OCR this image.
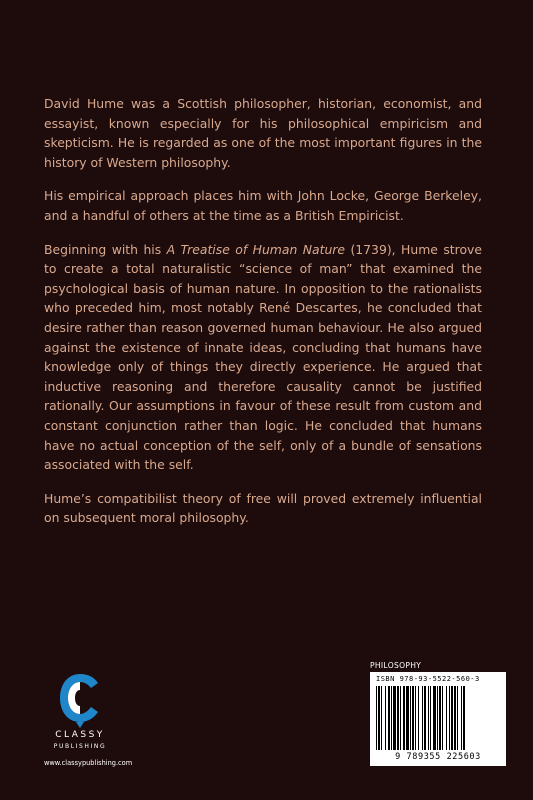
David Hume was a Scottish philosopher, historian, economist, and essayist, known especially for his philosophical empiricism and skepticism. He is regarded as one of the most important figures in the history of Western philosophy.

His empirical approach places him with John Locke, George Berkeley, and a handful of others at the time as a British Empiricist.

Beginning with his A Treatise of Human Nature (1739), Hume strove to create a total naturalistic “science of man” that examined the psychological basis of human nature. In opposition to the rationalists who preceded him, most notably René Descartes, he concluded that desire rather than reason governed human behaviour. He also argued against the existence of innate ideas, concluding that humans have knowledge only of things they directly experience. He argued that inductive reasoning and therefore causality cannot be justified rationally. Our assumptions in favour of these result from custom and constant conjunction rather than logic. He concluded that humans have no actual conception of the self, only of a bundle of sensations associated with the self.

Hume’s compatibilist theory of free will proved extremely influential on subsequent moral philosophy.

CLASSY
PUBLISHING
www.classypublishing.com
PHILOSOPHY
ISBN 978-93-5522-560-3
9 789355 225603
